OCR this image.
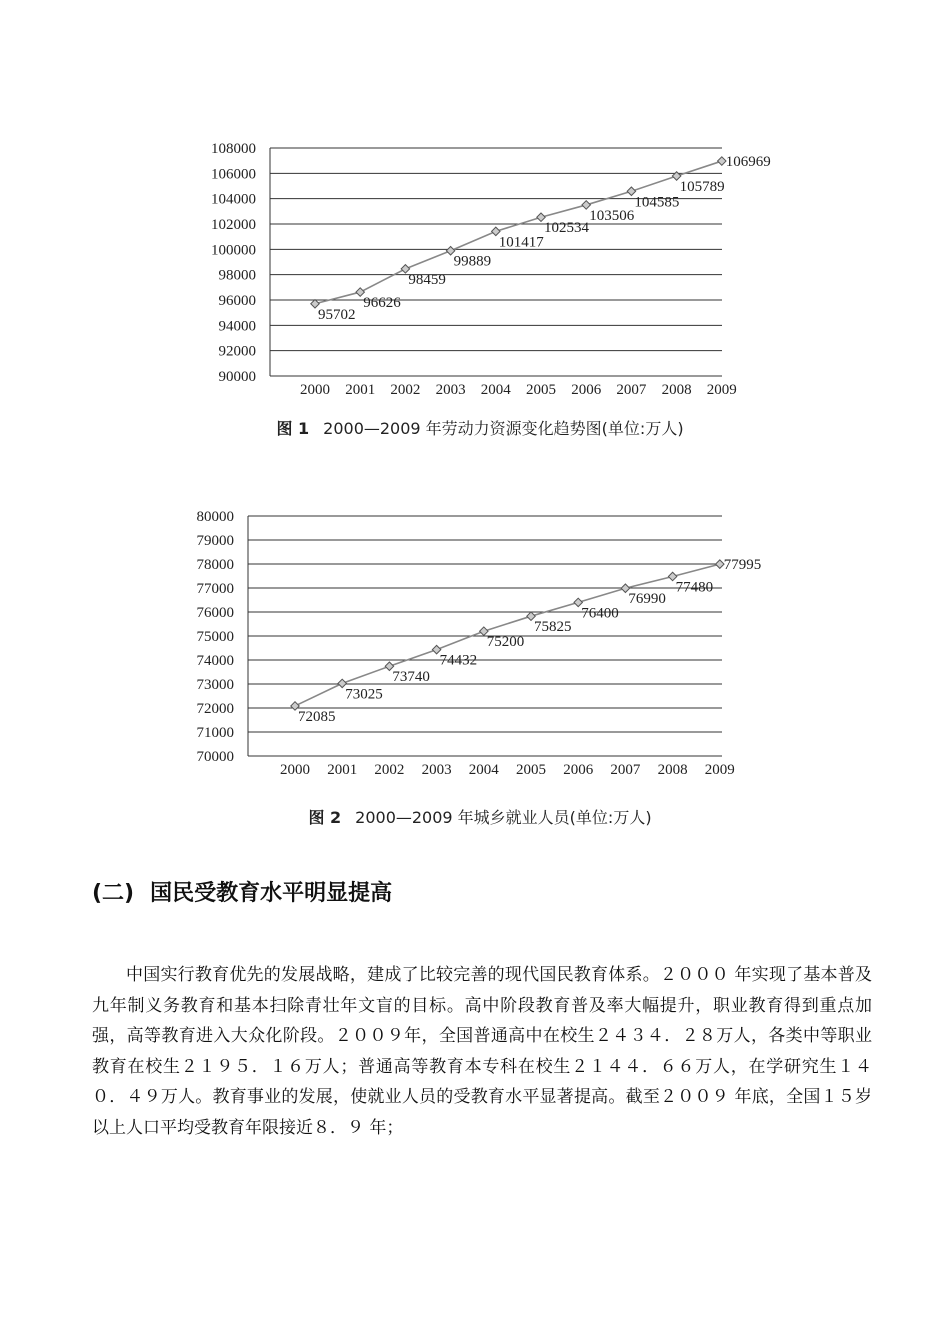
90000
92000
94000
96000
98000
100000
102000
104000
106000
108000
2000 2001 2002 2003 2004 2005 2006 2007 2008 2009
95702
96626
98459
99889
101417
102534
103506
104585
105789
106969
图 1 2000—2009 年劳动力资源变化趋势图(单位:万人)
70000
71000
72000
73000
74000
75000
76000
77000
78000
79000
80000
2000 2001 2002 2003 2004 2005 2006 2007 2008 2009
72085
73025
73740
74432
75200
75825
76400
76990
77480
77995
图 2 2000—2009 年城乡就业人员(单位:万人)
(二) 国民受教育水平明显提高
中国实行教育优先的发展战略，建成了比较完善的现代国民教育体系。２０００ 年实现了基本普及九年制义务教育和基本扫除青壮年文盲的目标。高中阶段教育普及率大幅提升，职业教育得到重点加强，高等教育进入大众化阶段。２００９年，全国普通高中在校生２４３４．２８万人，各类中等职业教育在校生２１９５．１６万人；普通高等教育本专科在校生２１４４．６６万人，在学研究生１４０．４９万人。教育事业的发展，使就业人员的受教育水平显著提高。截至２００９ 年底，全国１５岁以上人口平均受教育年限接近８．９ 年；
